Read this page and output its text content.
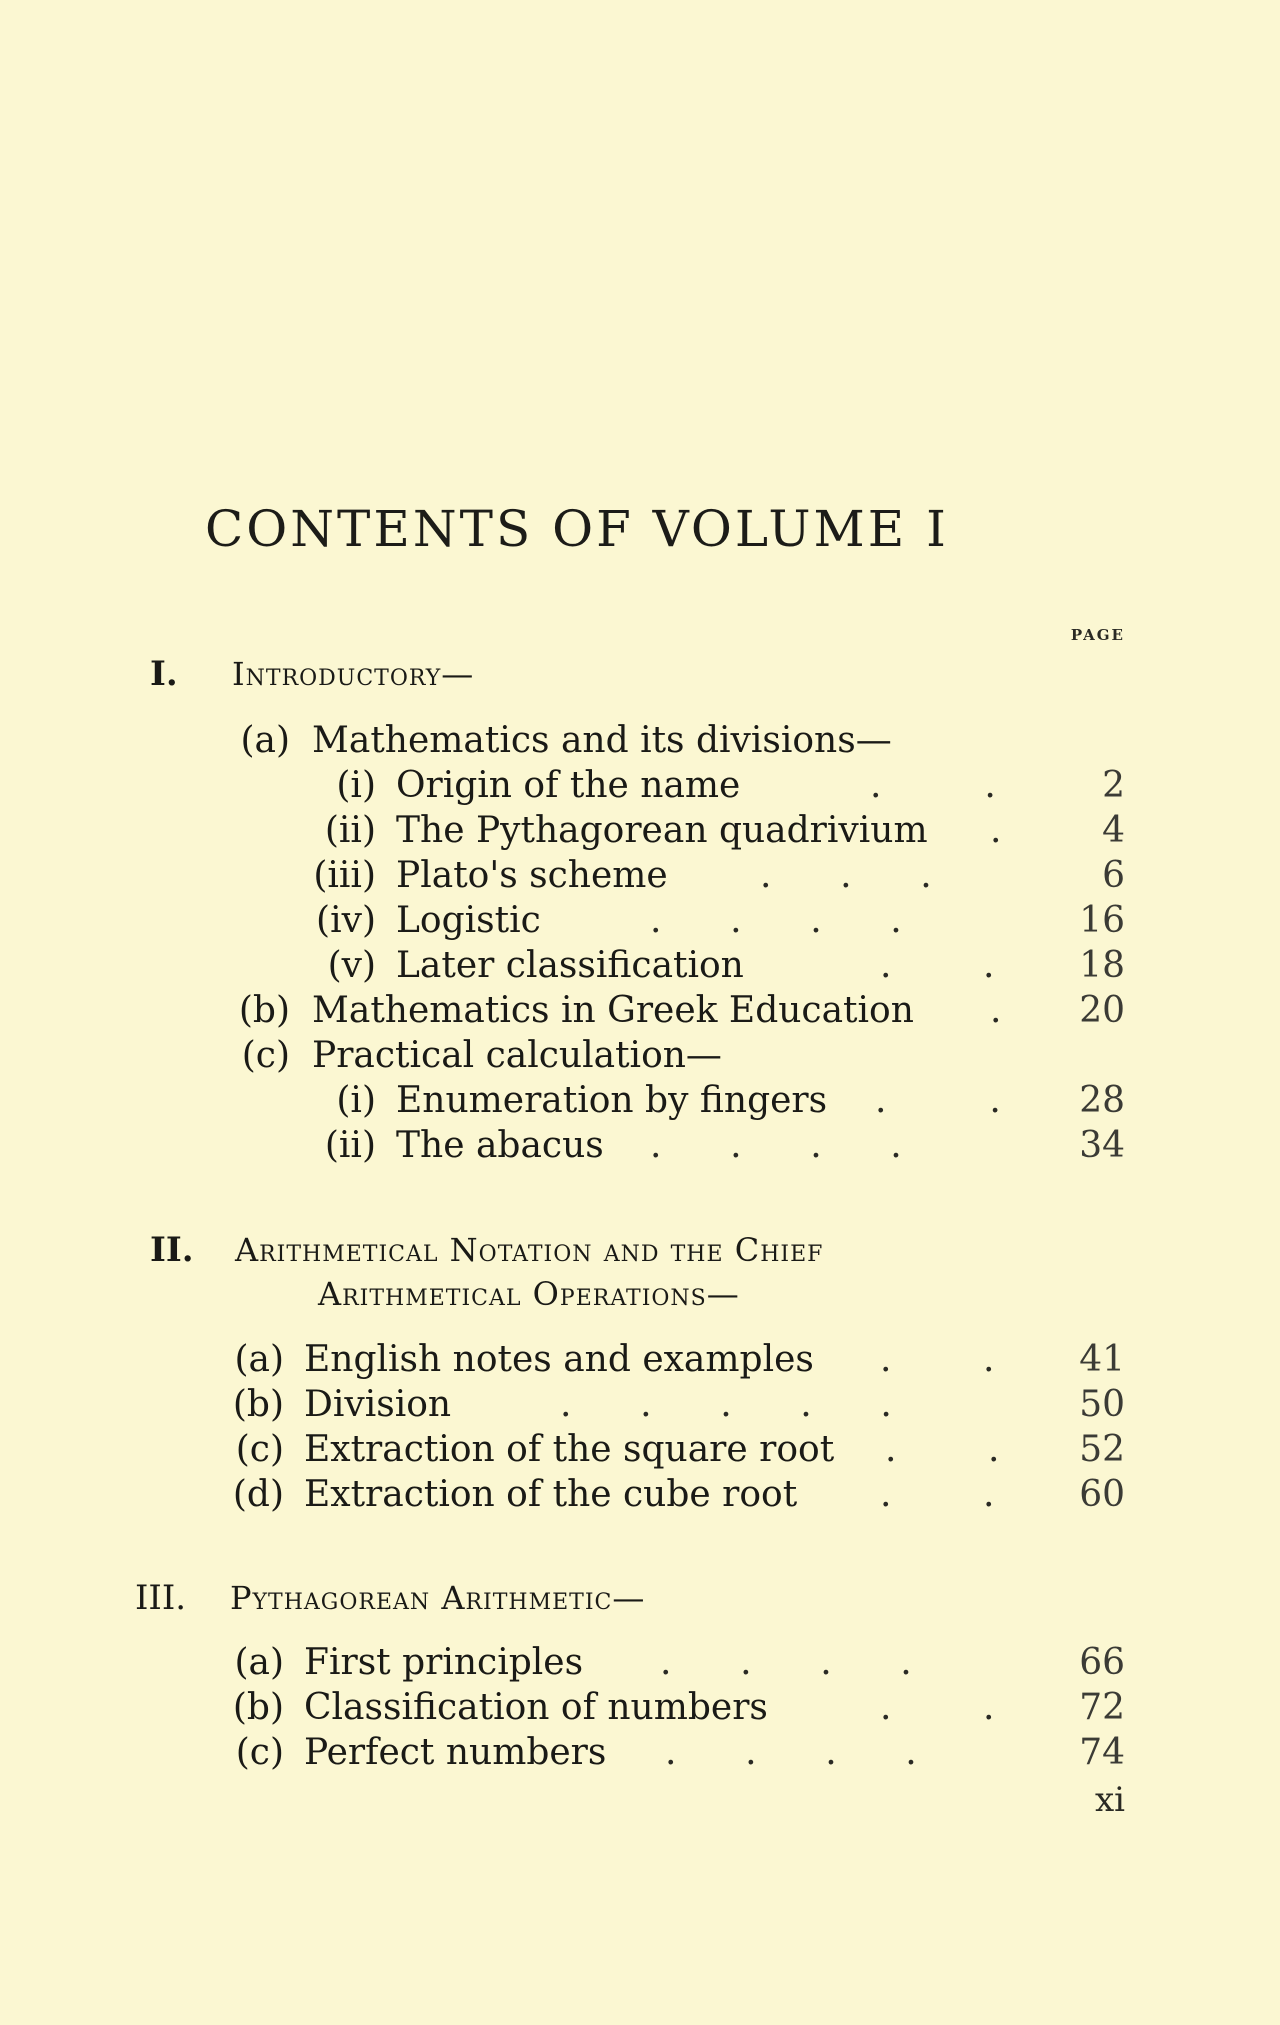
CONTENTS OF VOLUME I
PAGE
I.	Introductory—
(a) Mathematics and its divisions—
(i) Origin of the name	.         .	2
(ii) The Pythagorean quadrivium .	4
(iii) Plato's scheme	.      .      .	6
(iv) Logistic	.      .      .      .	16
(v) Later classification	.        .	18
(b) Mathematics in Greek Education .	20
(c) Practical calculation—
(i) Enumeration by fingers .         .	28
(ii) The abacus .      .      .      .	34
II.	Arithmetical Notation and the Chief
Arithmetical Operations—
(a) English notes and examples .        .	41
(b) Division	.      .      .      .      .	50
(c) Extraction of the square root .        .	52
(d) Extraction of the cube root .        .	60
III.	Pythagorean Arithmetic—
(a) First principles .      .      .      .	66
(b) Classification of numbers	.        .	72
(c) Perfect numbers .      .      .      .	74
xi
